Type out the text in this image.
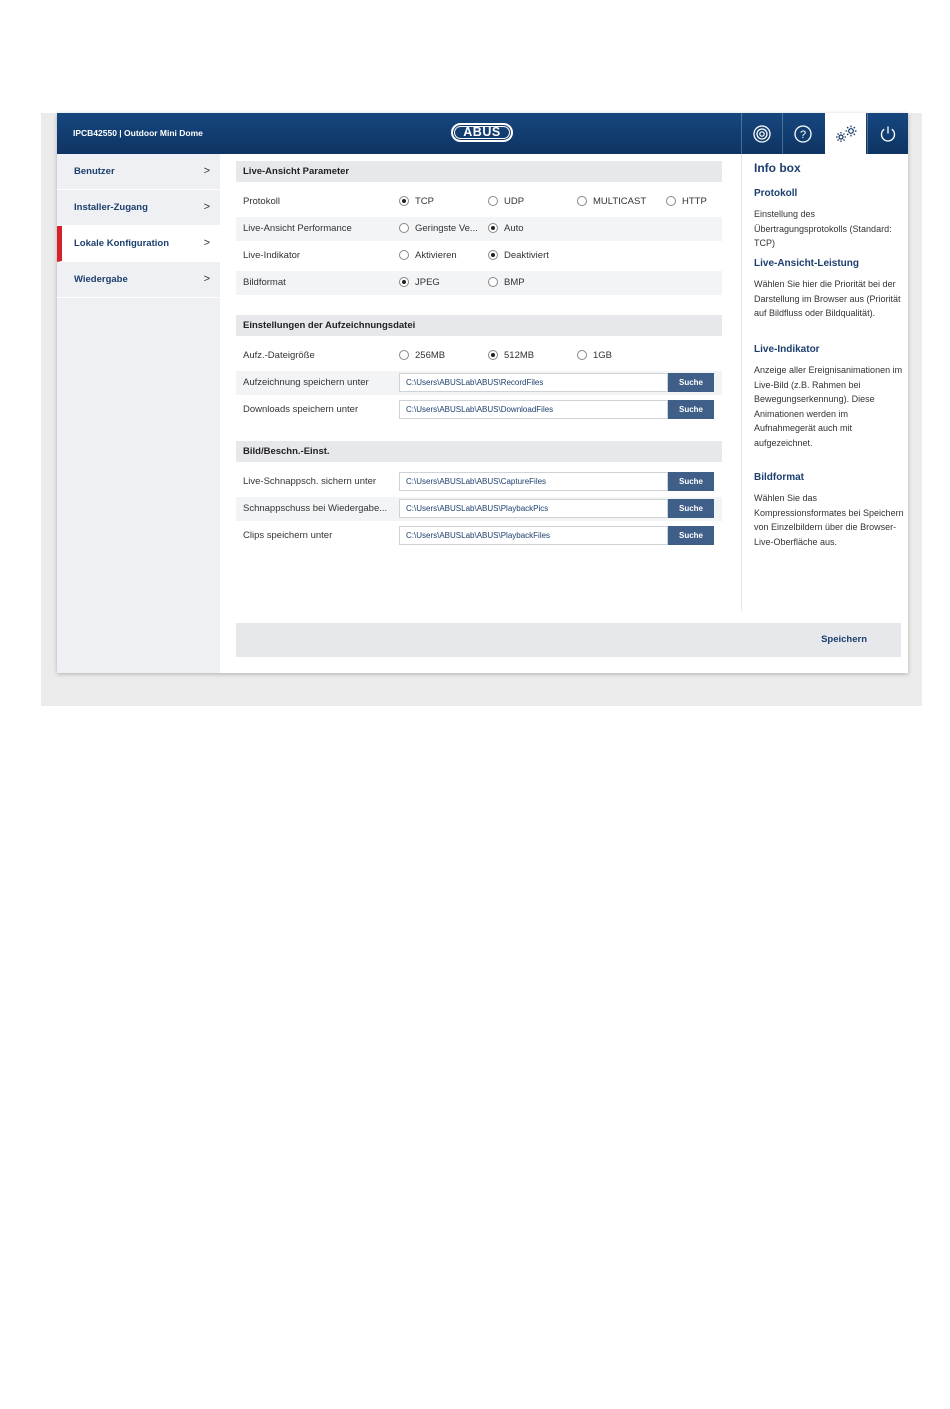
IPCB42550 | Outdoor Mini Dome	ABUS	?
Benutzer	>
Installer-Zugang	>
Lokale Konfiguration	>
Wiedergabe	>
Live-Ansicht Parameter
Protokoll	TCP	UDP	MULTICAST	HTTP
Live-Ansicht Performance	Geringste Ve...	Auto
Live-Indikator	Aktivieren	Deaktiviert
Bildformat	JPEG	BMP
Einstellungen der Aufzeichnungsdatei
Aufz.-Dateigröße	256MB	512MB	1GB
Aufzeichnung speichern unter	C:\Users\ABUSLab\ABUS\RecordFiles	Suche
Downloads speichern unter	C:\Users\ABUSLab\ABUS\DownloadFiles	Suche
Bild/Beschn.-Einst.
Live-Schnappsch. sichern unter	C:\Users\ABUSLab\ABUS\CaptureFiles	Suche
Schnappschuss bei Wiedergabe...	C:\Users\ABUSLab\ABUS\PlaybackPics	Suche
Clips speichern unter	C:\Users\ABUSLab\ABUS\PlaybackFiles	Suche
Info box
Protokoll
Einstellung des Übertragungsprotokolls (Standard: TCP)
Live-Ansicht-Leistung
Wählen Sie hier die Priorität bei der Darstellung im Browser aus (Priorität auf Bildfluss oder Bildqualität).
Live-Indikator
Anzeige aller Ereignisanimationen im Live-Bild (z.B. Rahmen bei Bewegungserkennung). Diese Animationen werden im Aufnahmegerät auch mit aufgezeichnet.
Bildformat
Wählen Sie das Kompressionsformates bei Speichern von Einzelbildern über die Browser-Live-Oberfläche aus.
Speichern
